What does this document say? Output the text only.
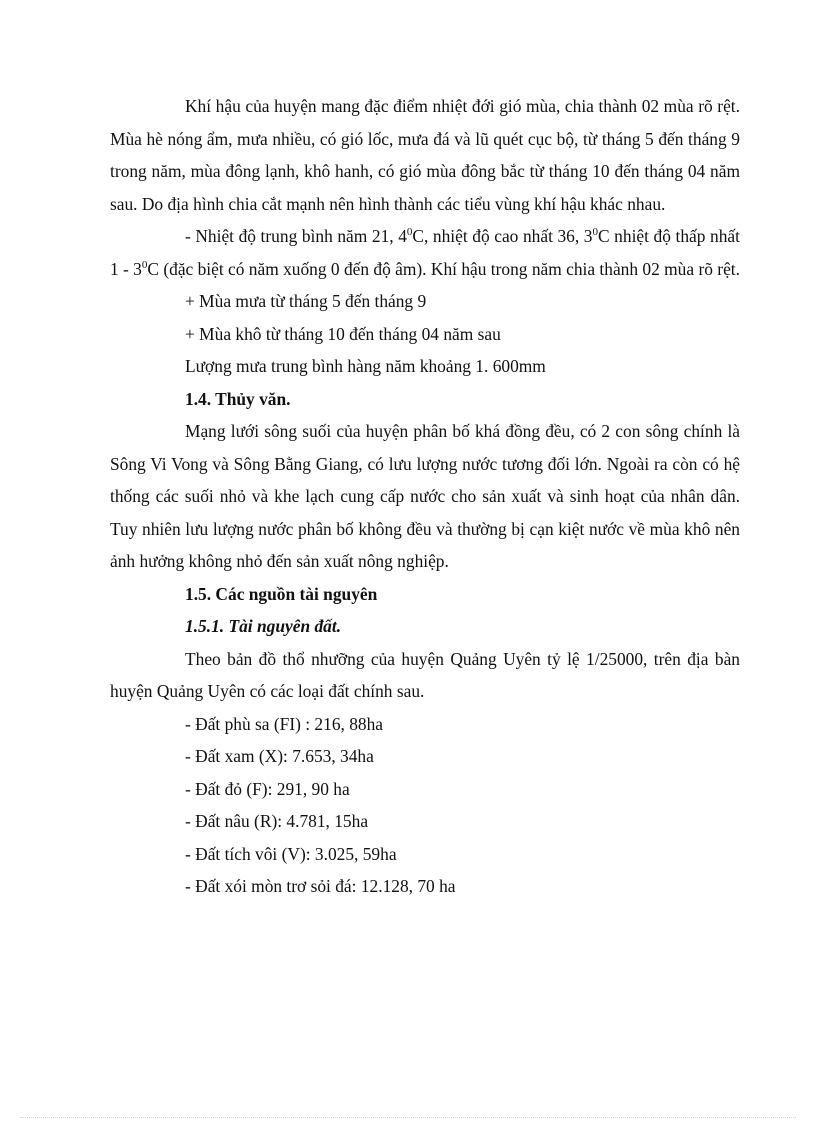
Khí hậu của huyện mang đặc điểm nhiệt đới gió mùa, chia thành 02 mùa rõ rệt. Mùa hè nóng ẩm, mưa nhiều, có gió lốc, mưa đá và lũ quét cục bộ, từ tháng 5 đến tháng 9 trong năm, mùa đông lạnh, khô hanh, có gió mùa đông bắc từ tháng 10 đến tháng 04 năm sau. Do địa hình chia cắt mạnh nên hình thành các tiểu vùng khí hậu khác nhau.

- Nhiệt độ trung bình năm 21, $4^0C$, nhiệt độ cao nhất 36, $3^0C$ nhiệt độ thấp nhất $1 - 3^0C$ (đặc biệt có năm xuống 0 đến độ âm). Khí hậu trong năm chia thành 02 mùa rõ rệt.

+ Mùa mưa từ tháng 5 đến tháng 9

+ Mùa khô từ tháng 10 đến tháng 04 năm sau

Lượng mưa trung bình hàng năm khoảng 1. 600mm

1.4. Thủy văn.

Mạng lưới sông suối của huyện phân bố khá đồng đều, có 2 con sông chính là Sông Vi Vong và Sông Bằng Giang, có lưu lượng nước tương đối lớn. Ngoài ra còn có hệ thống các suối nhỏ và khe lạch cung cấp nước cho sản xuất và sinh hoạt của nhân dân. Tuy nhiên lưu lượng nước phân bố không đều và thường bị cạn kiệt nước về mùa khô nên ảnh hưởng không nhỏ đến sản xuất nông nghiệp.

1.5. Các nguồn tài nguyên

1.5.1. Tài nguyên đất.

Theo bản đồ thổ nhưỡng của huyện Quảng Uyên tỷ lệ 1/25000, trên địa bàn huyện Quảng Uyên có các loại đất chính sau.

- Đất phù sa (FI) : 216, 88ha

- Đất xam (X): 7.653, 34ha

- Đất đỏ (F): 291, 90 ha

- Đất nâu (R): 4.781, 15ha

- Đất tích vôi (V): 3.025, 59ha

- Đất xói mòn trơ sỏi đá: 12.128, 70 ha
